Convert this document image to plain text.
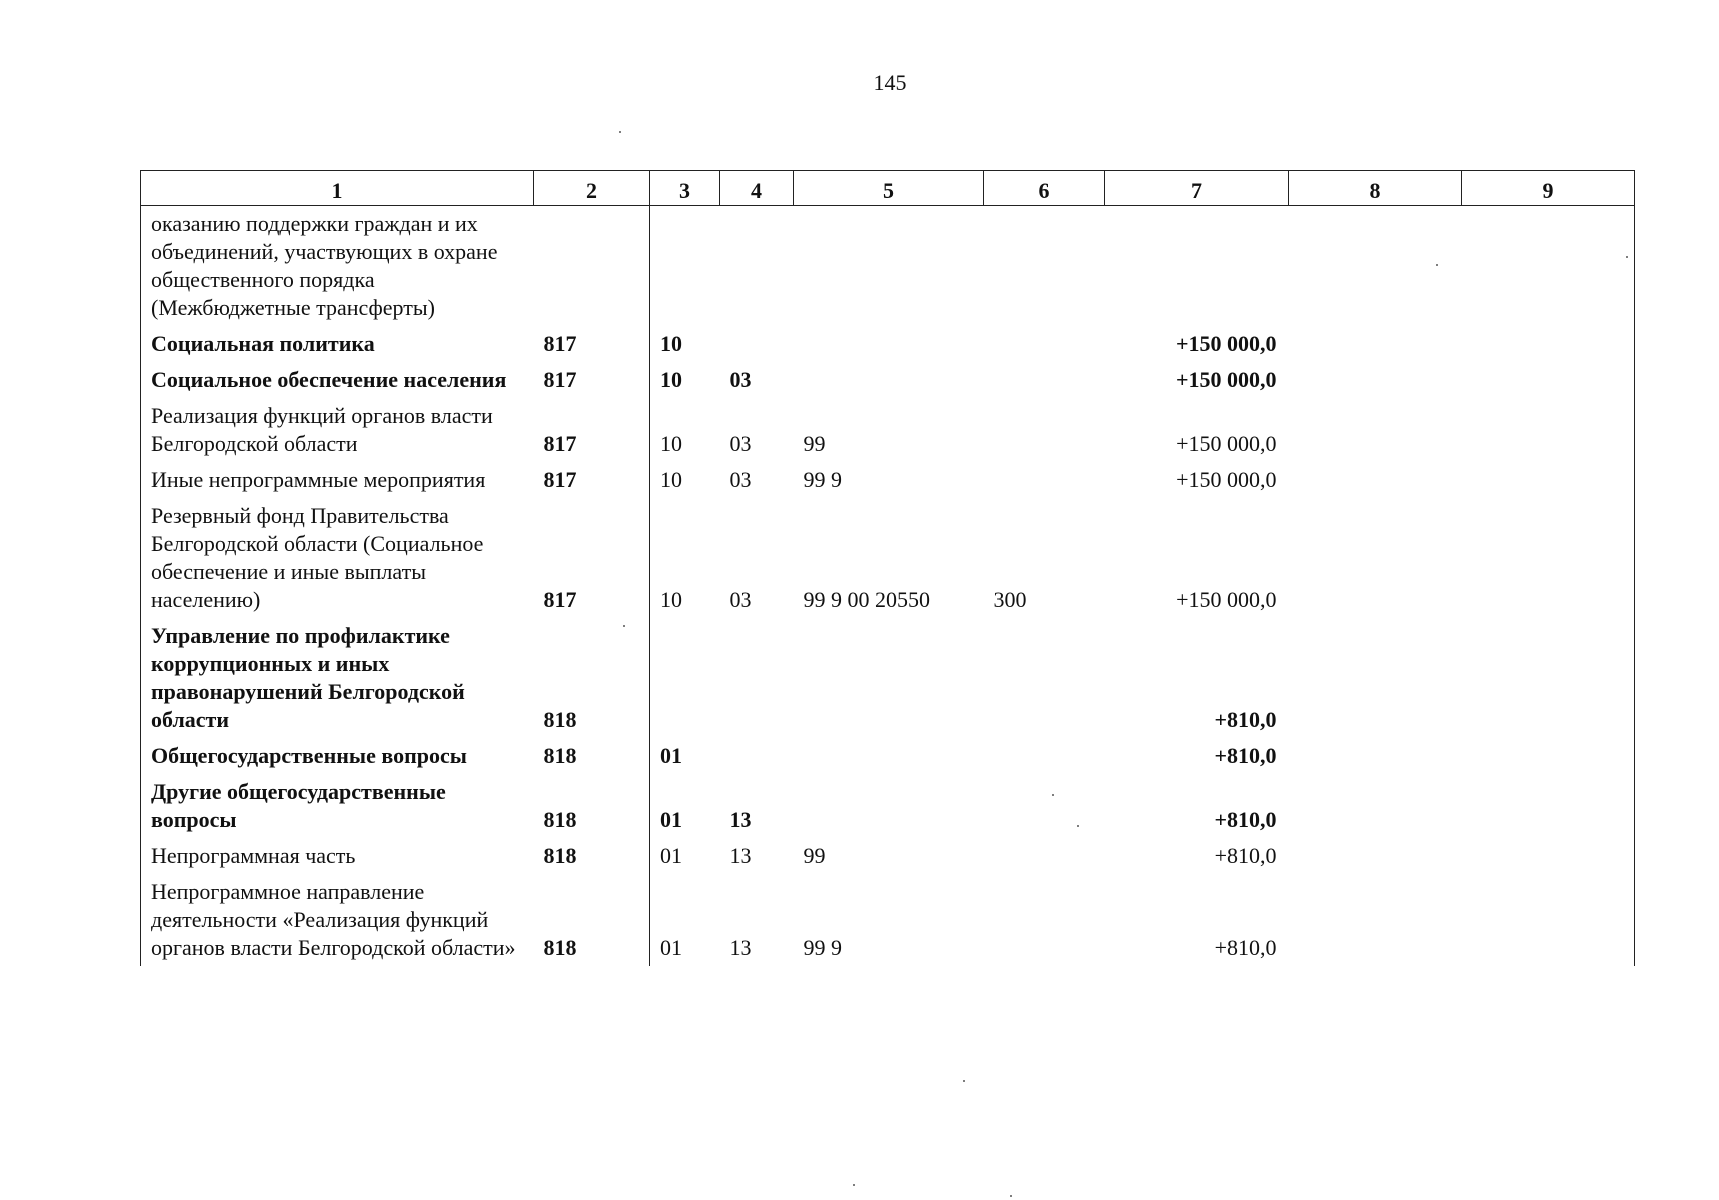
145
1	2	3	4	5	6	7	8	9
оказанию поддержки граждан и их объединений, участвующих в охране общественного порядка (Межбюджетные трансферты)								
Социальная политика	817	10				+150 000,0		
Социальное обеспечение населения	817	10	03			+150 000,0		
Реализация функций органов власти Белгородской области	817	10	03	99		+150 000,0		
Иные непрограммные мероприятия	817	10	03	99 9		+150 000,0		
Резервный фонд Правительства Белгородской области (Социальное обеспечение и иные выплаты населению)	817	10	03	99 9 00 20550	300	+150 000,0		
Управление по профилактике коррупционных и иных правонарушений Белгородской области	818					+810,0		
Общегосударственные вопросы	818	01				+810,0		
Другие общегосударственные вопросы	818	01	13			+810,0		
Непрограммная часть	818	01	13	99		+810,0		
Непрограммное направление деятельности «Реализация функций органов власти Белгородской области»	818	01	13	99 9		+810,0		
